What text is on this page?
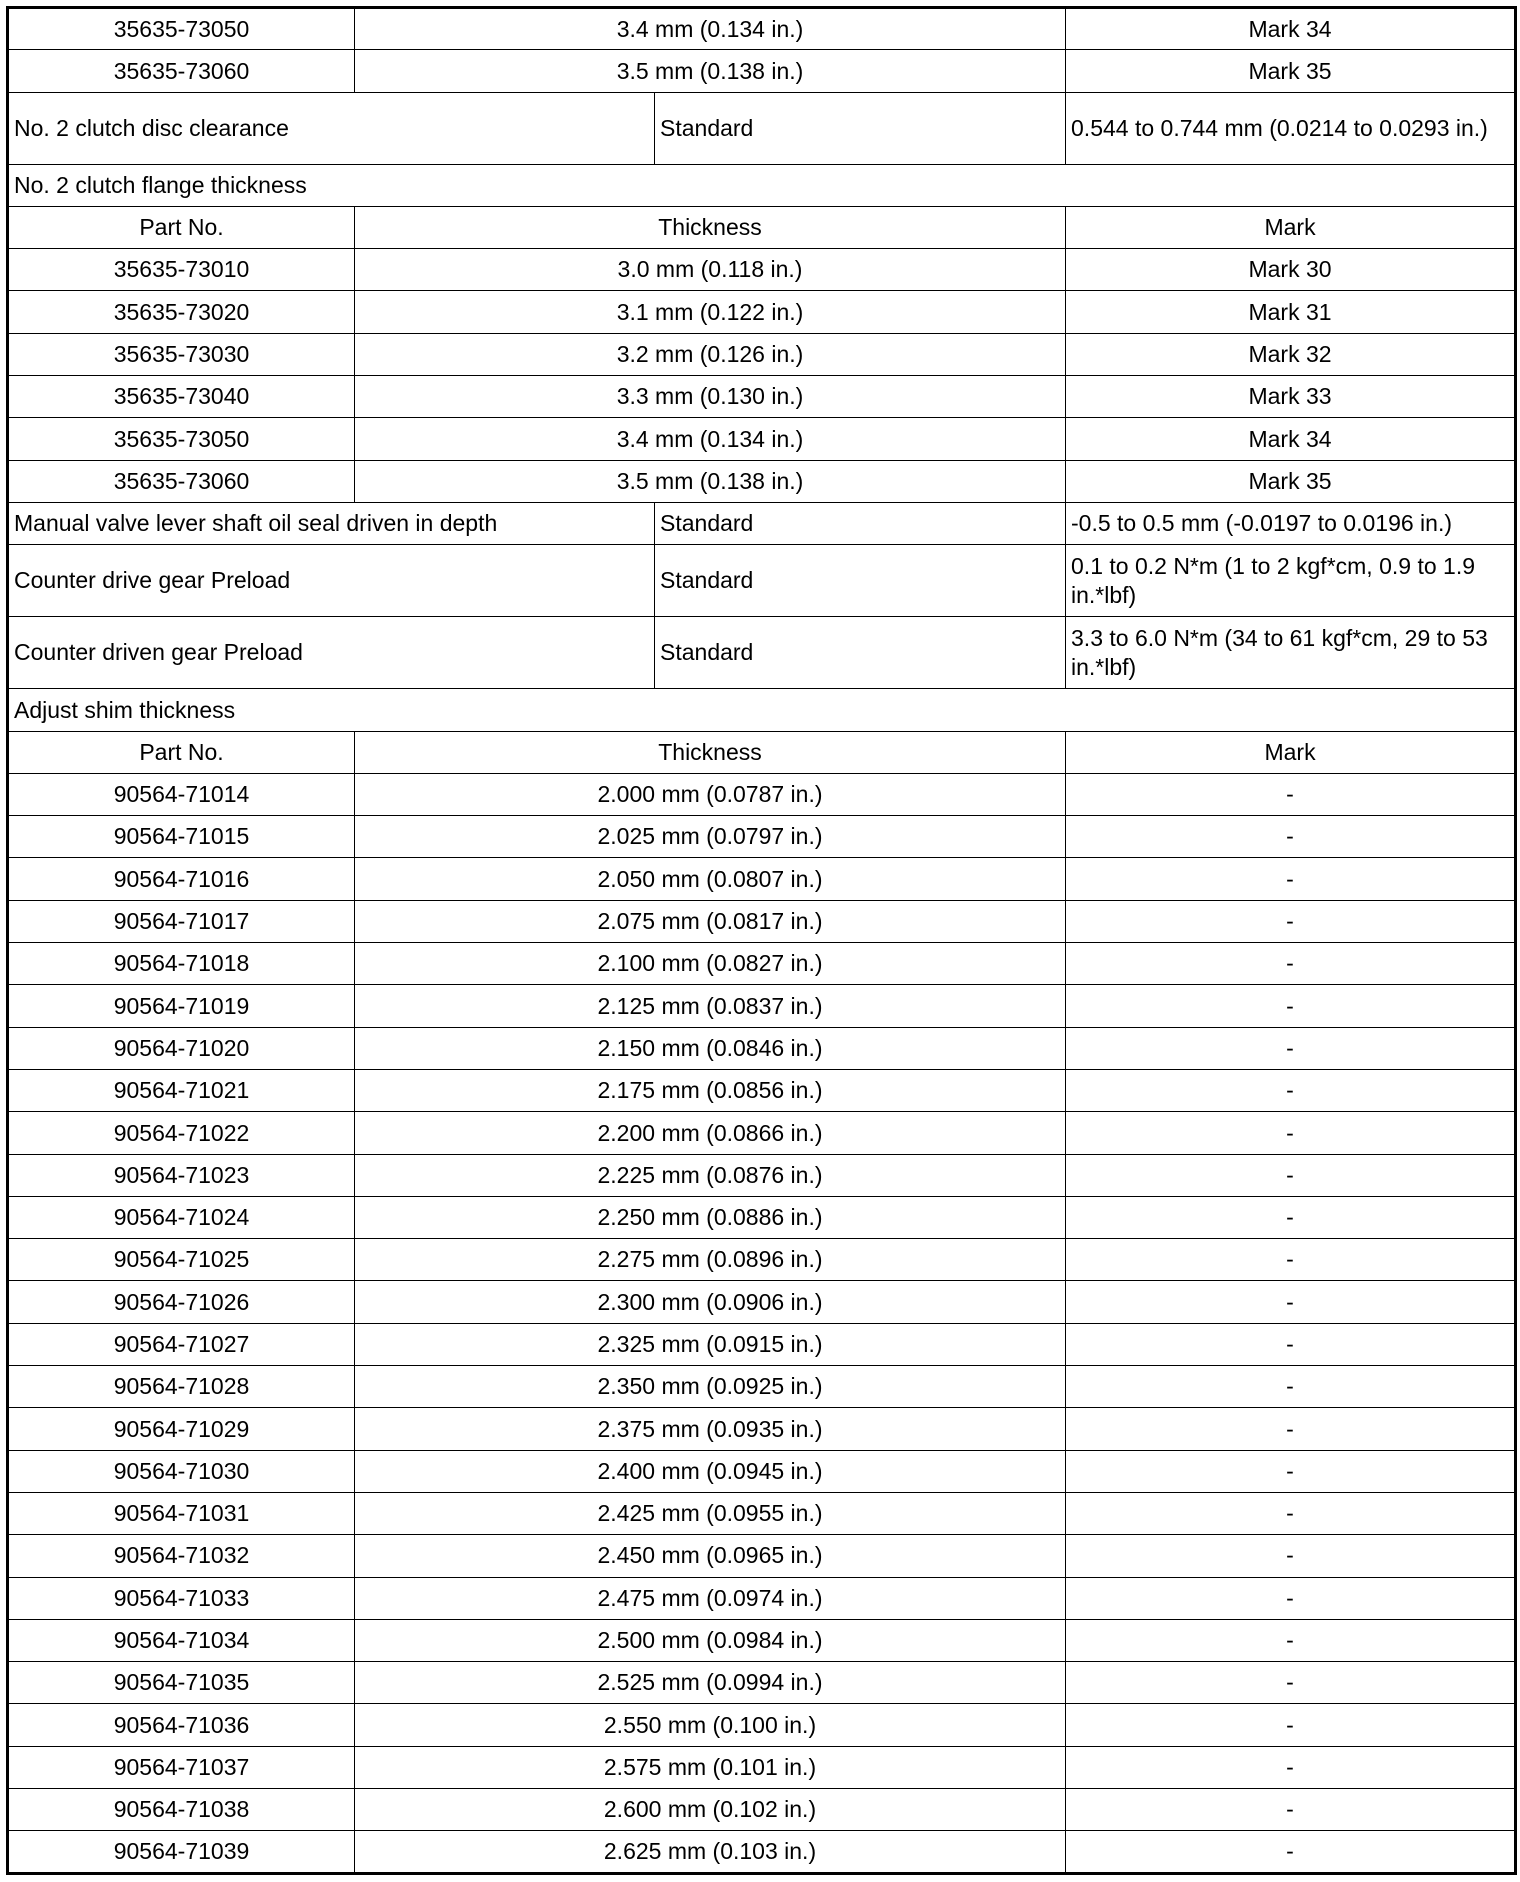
35635-73050	3.4 mm (0.134 in.)		Mark 34
35635-73060	3.5 mm (0.138 in.)		Mark 35
No. 2 clutch disc clearance		Standard	0.544 to 0.744 mm (0.0214 to 0.0293 in.)
No. 2 clutch flange thickness			
Part No.	Thickness		Mark
35635-73010	3.0 mm (0.118 in.)		Mark 30
35635-73020	3.1 mm (0.122 in.)		Mark 31
35635-73030	3.2 mm (0.126 in.)		Mark 32
35635-73040	3.3 mm (0.130 in.)		Mark 33
35635-73050	3.4 mm (0.134 in.)		Mark 34
35635-73060	3.5 mm (0.138 in.)		Mark 35
Manual valve lever shaft oil seal driven in depth		Standard	-0.5 to 0.5 mm (-0.0197 to 0.0196 in.)
Counter drive gear Preload		Standard	0.1 to 0.2 N*m (1 to 2 kgf*cm, 0.9 to 1.9 in.*lbf)
Counter driven gear Preload		Standard	3.3 to 6.0 N*m (34 to 61 kgf*cm, 29 to 53 in.*lbf)
Adjust shim thickness			
Part No.	Thickness		Mark
90564-71014	2.000 mm (0.0787 in.)		-
90564-71015	2.025 mm (0.0797 in.)		-
90564-71016	2.050 mm (0.0807 in.)		-
90564-71017	2.075 mm (0.0817 in.)		-
90564-71018	2.100 mm (0.0827 in.)		-
90564-71019	2.125 mm (0.0837 in.)		-
90564-71020	2.150 mm (0.0846 in.)		-
90564-71021	2.175 mm (0.0856 in.)		-
90564-71022	2.200 mm (0.0866 in.)		-
90564-71023	2.225 mm (0.0876 in.)		-
90564-71024	2.250 mm (0.0886 in.)		-
90564-71025	2.275 mm (0.0896 in.)		-
90564-71026	2.300 mm (0.0906 in.)		-
90564-71027	2.325 mm (0.0915 in.)		-
90564-71028	2.350 mm (0.0925 in.)		-
90564-71029	2.375 mm (0.0935 in.)		-
90564-71030	2.400 mm (0.0945 in.)		-
90564-71031	2.425 mm (0.0955 in.)		-
90564-71032	2.450 mm (0.0965 in.)		-
90564-71033	2.475 mm (0.0974 in.)		-
90564-71034	2.500 mm (0.0984 in.)		-
90564-71035	2.525 mm (0.0994 in.)		-
90564-71036	2.550 mm (0.100 in.)		-
90564-71037	2.575 mm (0.101 in.)		-
90564-71038	2.600 mm (0.102 in.)		-
90564-71039	2.625 mm (0.103 in.)		-
